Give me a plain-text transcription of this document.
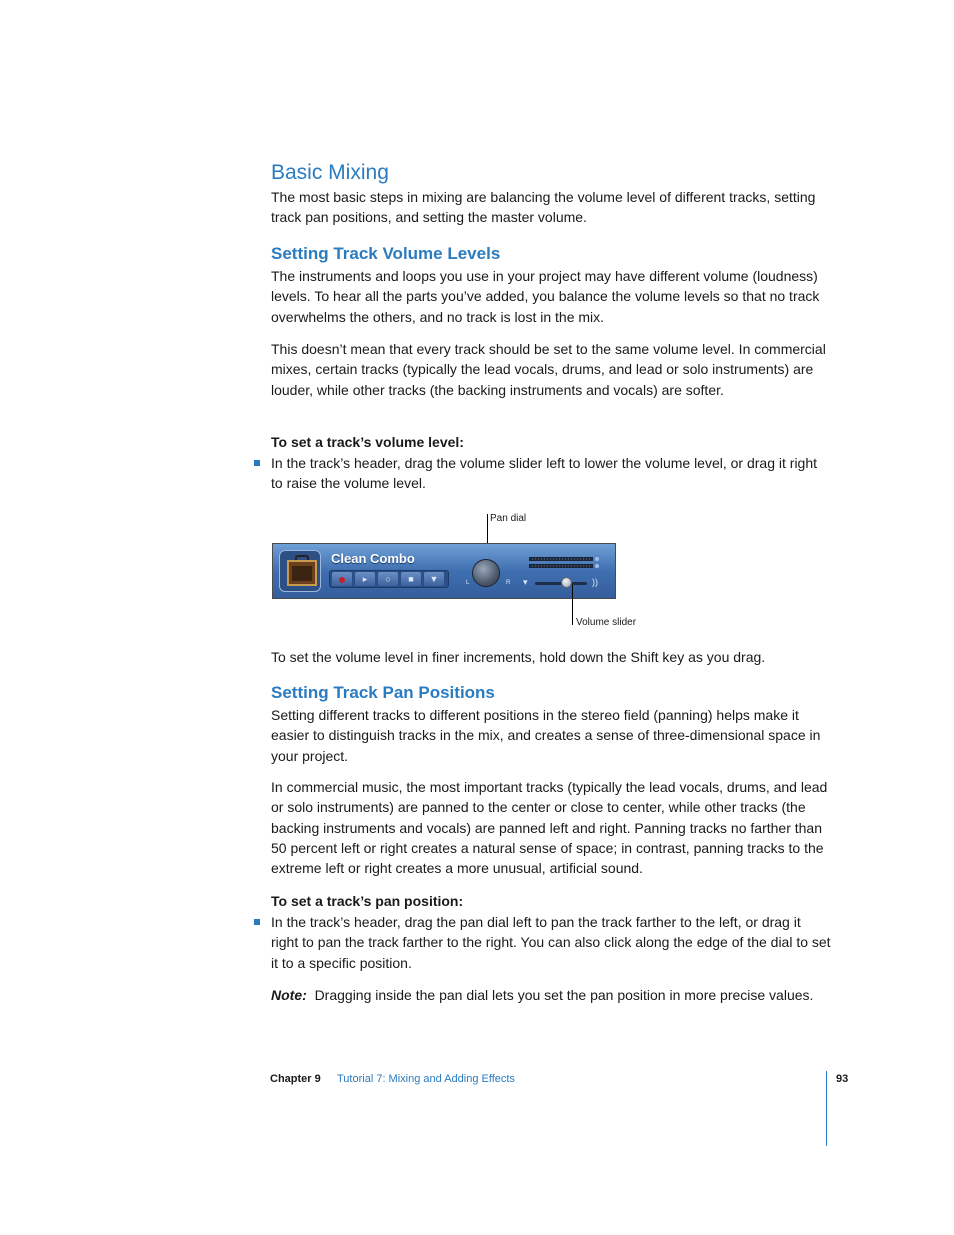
Basic Mixing

The most basic steps in mixing are balancing the volume level of different tracks, setting track pan positions, and setting the master volume.

Setting Track Volume Levels

The instruments and loops you use in your project may have different volume (loudness) levels. To hear all the parts you’ve added, you balance the volume levels so that no track overwhelms the others, and no track is lost in the mix.

This doesn’t mean that every track should be set to the same volume level. In commercial mixes, certain tracks (typically the lead vocals, drums, and lead or solo instruments) are louder, while other tracks (the backing instruments and vocals) are softer.

To set a track’s volume level:

In the track’s header, drag the volume slider left to lower the volume level, or drag it right to raise the volume level.

Pan dial
Clean Combo
▸	○	■	▼	L	R ▾	))
Volume slider

To set the volume level in finer increments, hold down the Shift key as you drag.

Setting Track Pan Positions

Setting different tracks to different positions in the stereo field (panning) helps make it easier to distinguish tracks in the mix, and creates a sense of three-dimensional space in your project.

In commercial music, the most important tracks (typically the lead vocals, drums, and lead or solo instruments) are panned to the center or close to center, while other tracks (the backing instruments and vocals) are panned left and right. Panning tracks no farther than 50 percent left or right creates a natural sense of space; in contrast, panning tracks to the extreme left or right creates a more unusual, artificial sound.

To set a track’s pan position:

In the track’s header, drag the pan dial left to pan the track farther to the left, or drag it right to pan the track farther to the right. You can also click along the edge of the dial to set it to a specific position.

Note: Dragging inside the pan dial lets you set the pan position in more precise values.

Chapter 9 Tutorial 7: Mixing and Adding Effects	93
